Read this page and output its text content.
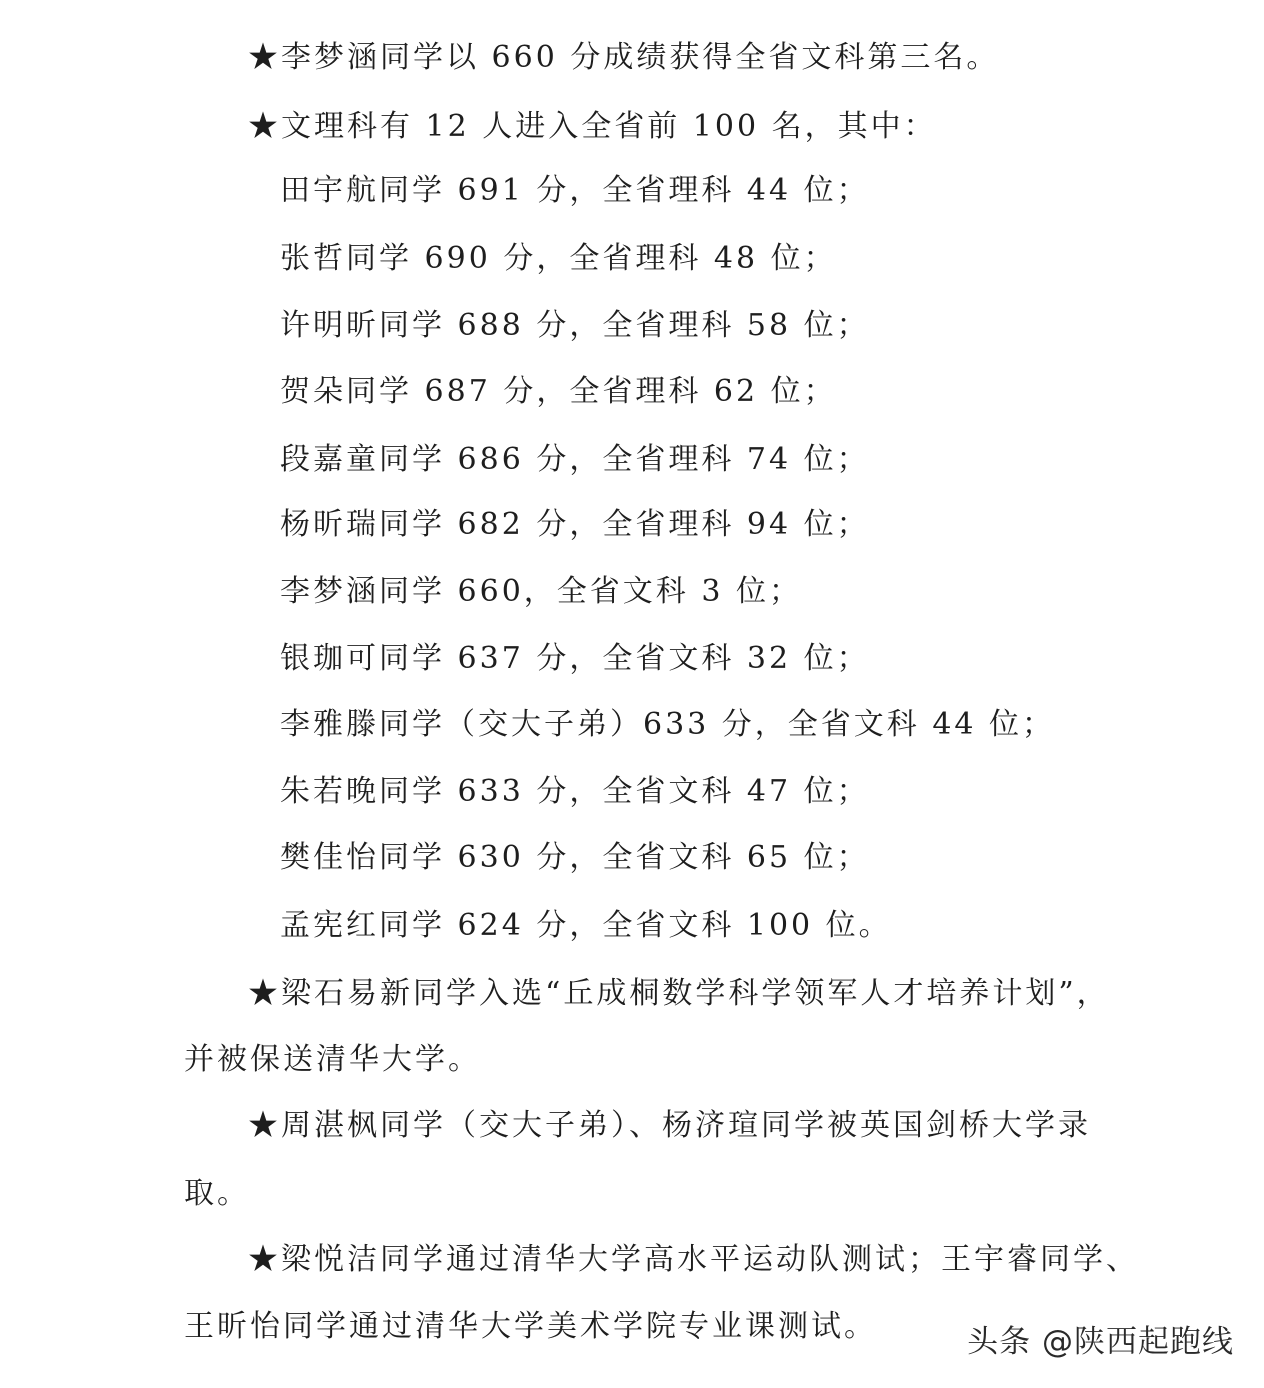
★李梦涵同学以 660 分成绩获得全省文科第三名。
★文理科有 12 人进入全省前 100 名，其中：
田宇航同学 691 分，全省理科 44 位；
张哲同学 690 分，全省理科 48 位；
许明昕同学 688 分，全省理科 58 位；
贺朵同学 687 分，全省理科 62 位；
段嘉童同学 686 分，全省理科 74 位；
杨昕瑞同学 682 分，全省理科 94 位；
李梦涵同学 660，全省文科 3 位；
银珈可同学 637 分，全省文科 32 位；
李雅滕同学（交大子弟）633 分，全省文科 44 位；
朱若晚同学 633 分，全省文科 47 位；
樊佳怡同学 630 分，全省文科 65 位；
孟宪红同学 624 分，全省文科 100 位。
★梁石易新同学入选“丘成桐数学科学领军人才培养计划”，
并被保送清华大学。
★周湛枫同学（交大子弟）、杨济瑄同学被英国剑桥大学录
取。
★梁悦洁同学通过清华大学高水平运动队测试；王宇睿同学、
王昕怡同学通过清华大学美术学院专业课测试。	头条 @陕西起跑线
